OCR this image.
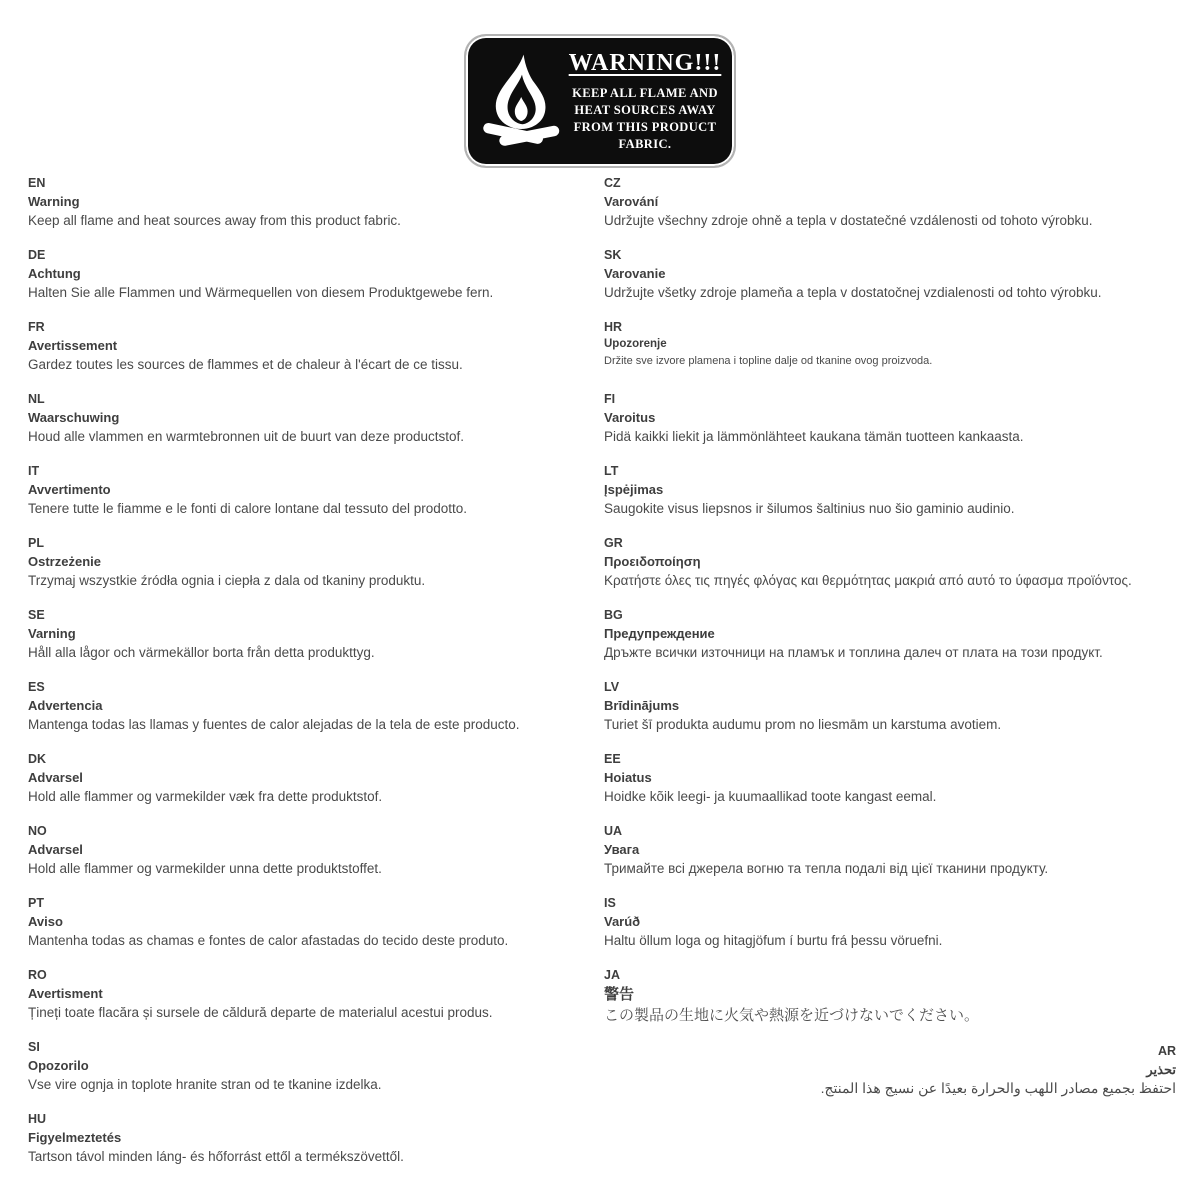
WARNING!!!
KEEP ALL FLAME AND
HEAT SOURCES AWAY
FROM THIS PRODUCT
FABRIC.
EN
Warning
Keep all flame and heat sources away from this product fabric.
DE
Achtung
Halten Sie alle Flammen und Wärmequellen von diesem Produktgewebe fern.
FR
Avertissement
Gardez toutes les sources de flammes et de chaleur à l'écart de ce tissu.
NL
Waarschuwing
Houd alle vlammen en warmtebronnen uit de buurt van deze productstof.
IT
Avvertimento
Tenere tutte le fiamme e le fonti di calore lontane dal tessuto del prodotto.
PL
Ostrzeżenie
Trzymaj wszystkie źródła ognia i ciepła z dala od tkaniny produktu.
SE
Varning
Håll alla lågor och värmekällor borta från detta produkttyg.
ES
Advertencia
Mantenga todas las llamas y fuentes de calor alejadas de la tela de este producto.
DK
Advarsel
Hold alle flammer og varmekilder væk fra dette produktstof.
NO
Advarsel
Hold alle flammer og varmekilder unna dette produktstoffet.
PT
Aviso
Mantenha todas as chamas e fontes de calor afastadas do tecido deste produto.
RO
Avertisment
Țineți toate flacăra și sursele de căldură departe de materialul acestui produs.
SI
Opozorilo
Vse vire ognja in toplote hranite stran od te tkanine izdelka.
HU
Figyelmeztetés
Tartson távol minden láng- és hőforrást ettől a termékszövettől.
CZ
Varování
Udržujte všechny zdroje ohně a tepla v dostatečné vzdálenosti od tohoto výrobku.
SK
Varovanie
Udržujte všetky zdroje plameňa a tepla v dostatočnej vzdialenosti od tohto výrobku.
HR
Upozorenje
Držite sve izvore plamena i topline dalje od tkanine ovog proizvoda.
FI
Varoitus
Pidä kaikki liekit ja lämmönlähteet kaukana tämän tuotteen kankaasta.
LT
Įspėjimas
Saugokite visus liepsnos ir šilumos šaltinius nuo šio gaminio audinio.
GR
Προειδοποίηση
Κρατήστε όλες τις πηγές φλόγας και θερμότητας μακριά από αυτό το ύφασμα προϊόντος.
BG
Предупреждение
Дръжте всички източници на пламък и топлина далеч от плата на този продукт.
LV
Brīdinājums
Turiet šī produkta audumu prom no liesmām un karstuma avotiem.
EE
Hoiatus
Hoidke kõik leegi- ja kuumaallikad toote kangast eemal.
UA
Увага
Тримайте всі джерела вогню та тепла подалі від цієї тканини продукту.
IS
Varúð
Haltu öllum loga og hitagjöfum í burtu frá þessu vöruefni.
JA
警告
この製品の生地に火気や熱源を近づけないでください。
AR
تحذير
احتفظ بجميع مصادر اللهب والحرارة بعيدًا عن نسيج هذا المنتج.
